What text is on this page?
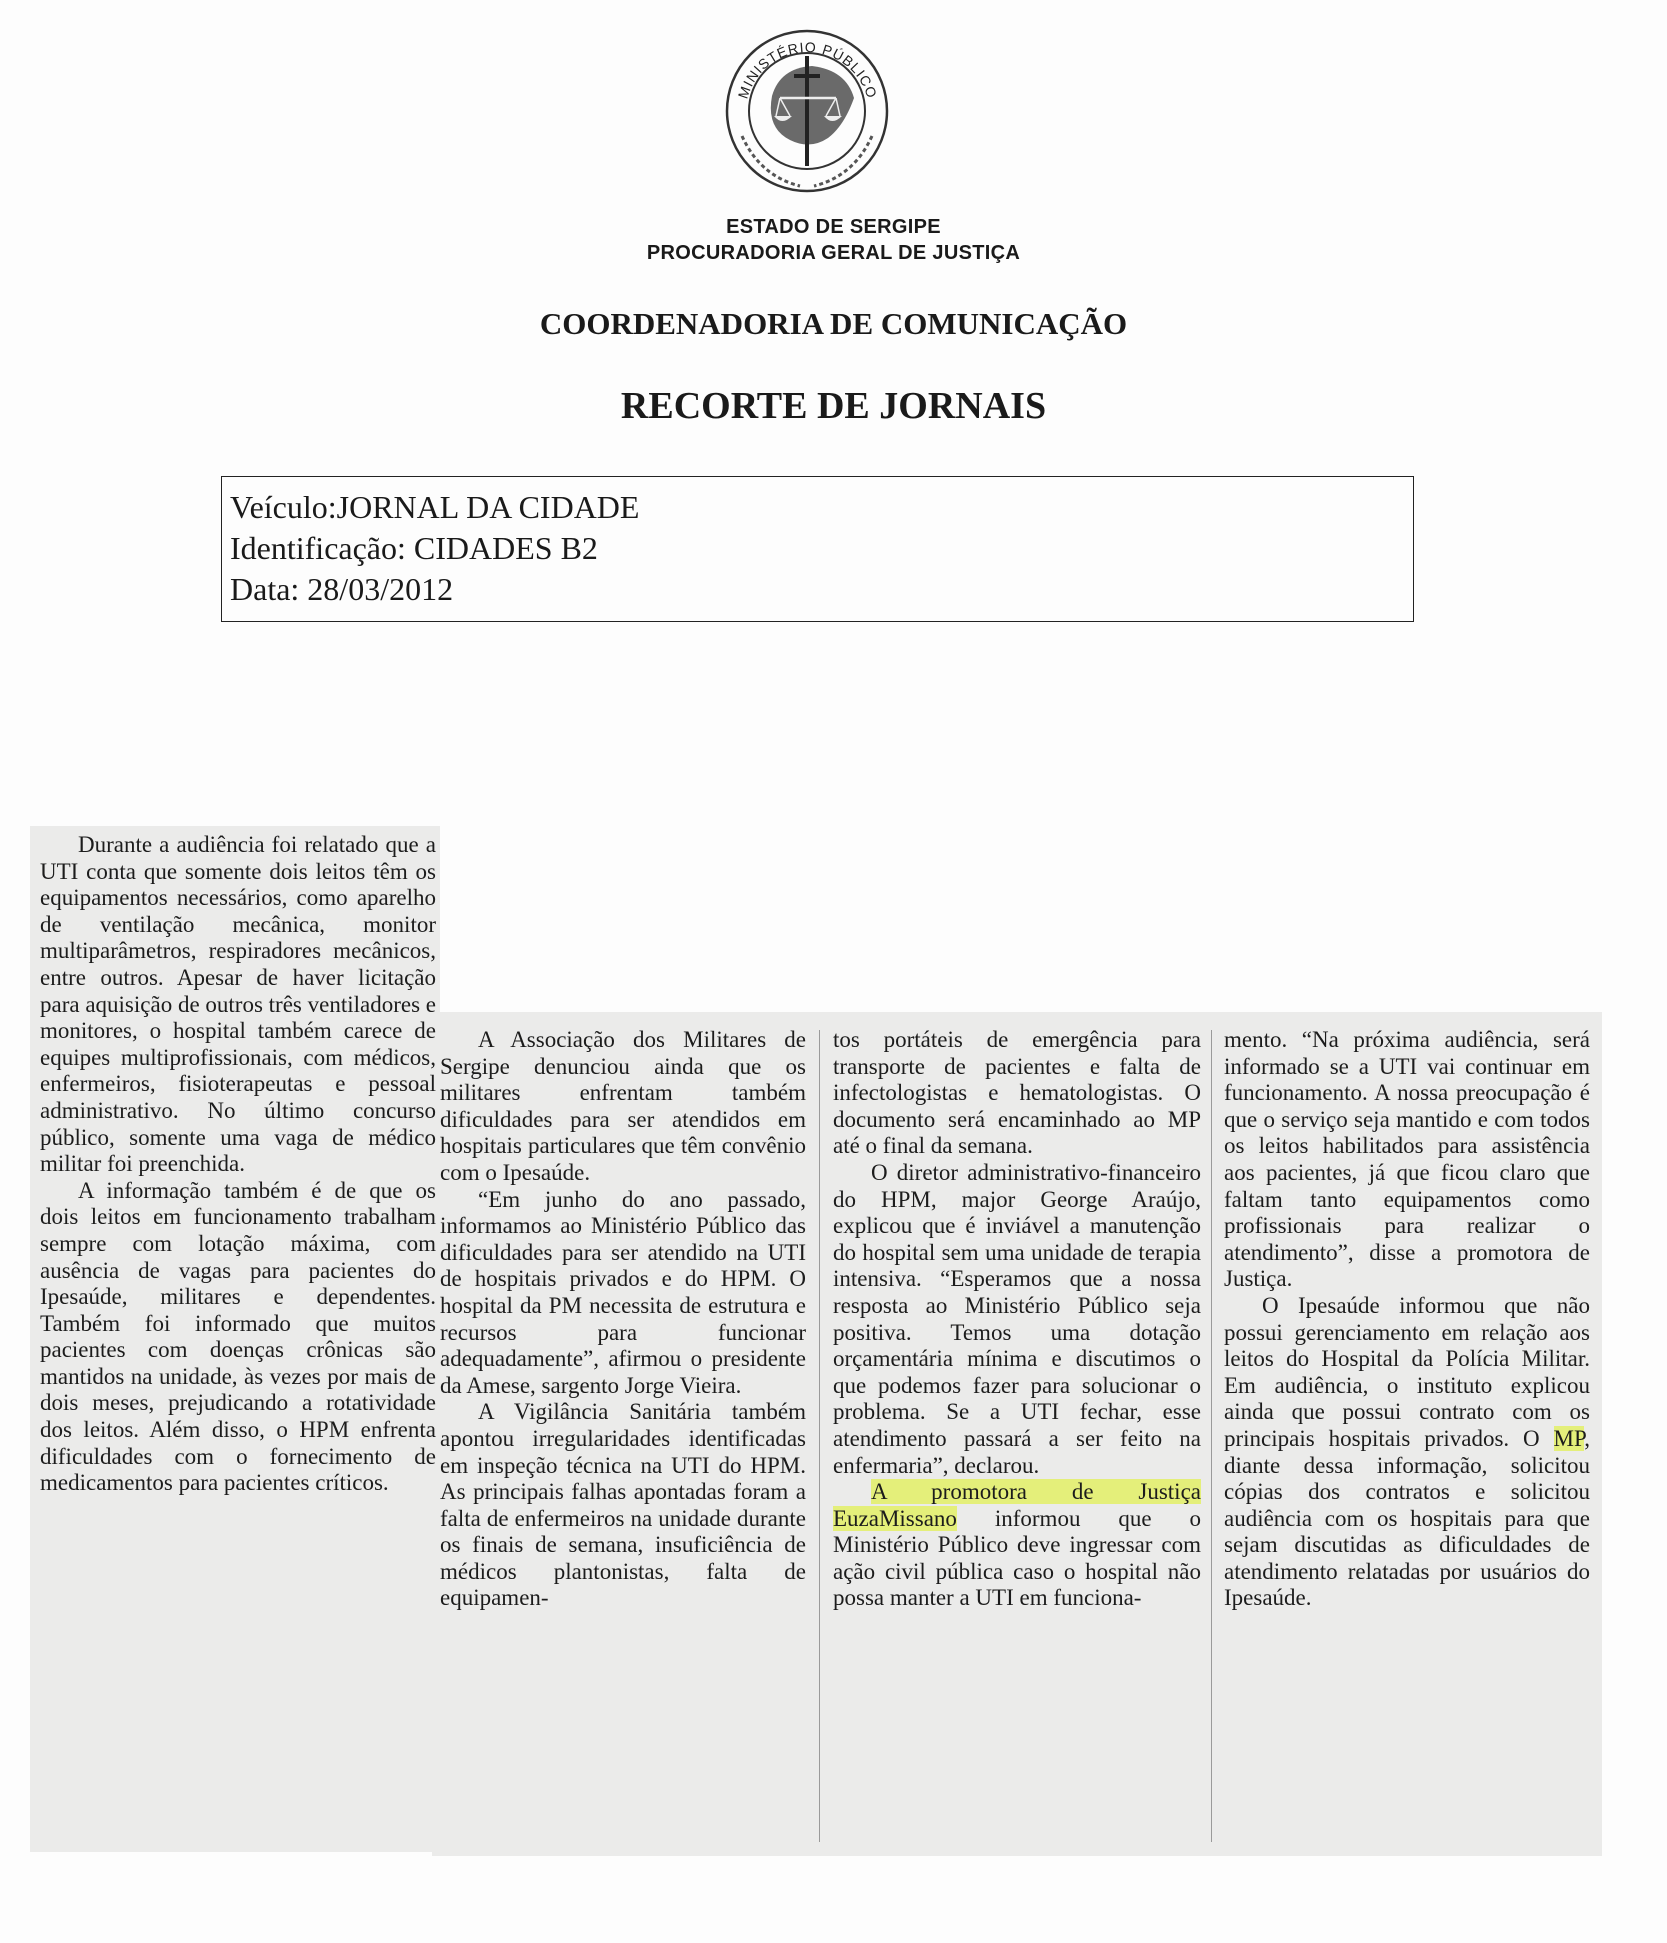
MINISTÉRIO PÚBLICO
ESTADO DE SERGIPE
PROCURADORIA GERAL DE JUSTIÇA
COORDENADORIA DE COMUNICAÇÃO
RECORTE DE JORNAIS
Veículo:JORNAL DA CIDADE
Identificação: CIDADES B2
Data: 28/03/2012

Durante a audiência foi relatado que a UTI conta que somente dois leitos têm os equipamentos necessários, como aparelho de ventilação mecânica, monitor multiparâmetros, respiradores mecânicos, entre outros. Apesar de haver licitação para aquisição de outros três ventiladores e monitores, o hospital também carece de equipes multiprofissionais, com médicos, enfermeiros, fisioterapeutas e pessoal administrativo. No último concurso público, somente uma vaga de médico militar foi preenchida.

A informação também é de que os dois leitos em funcionamento trabalham sempre com lotação máxima, com ausência de vagas para pacientes do Ipesaúde, militares e dependentes. Também foi informado que muitos pacientes com doenças crônicas são mantidos na unidade, às vezes por mais de dois meses, prejudicando a rotatividade dos leitos. Além disso, o HPM enfrenta dificuldades com o fornecimento de medicamentos para pacientes críticos.

A Associação dos Militares de Sergipe denunciou ainda que os militares enfrentam também dificuldades para ser atendidos em hospitais particulares que têm convênio com o Ipesaúde.

“Em junho do ano passado, informamos ao Ministério Público das dificuldades para ser atendido na UTI de hospitais privados e do HPM. O hospital da PM necessita de estrutura e recursos para funcionar adequadamente”, afirmou o presidente da Amese, sargento Jorge Vieira.

A Vigilância Sanitária também apontou irregularidades identificadas em inspeção técnica na UTI do HPM. As principais falhas apontadas foram a falta de enfermeiros na unidade durante os finais de semana, insuficiência de médicos plantonistas, falta de equipamen-

tos portáteis de emergência para transporte de pacientes e falta de infectologistas e hematologistas. O documento será encaminhado ao MP até o final da semana.

O diretor administrativo-financeiro do HPM, major George Araújo, explicou que é inviável a manutenção do hospital sem uma unidade de terapia intensiva. “Esperamos que a nossa resposta ao Ministério Público seja positiva. Temos uma dotação orçamentária mínima e discutimos o que podemos fazer para solucionar o problema. Se a UTI fechar, esse atendimento passará a ser feito na enfermaria”, declarou.

A promotora de Justiça EuzaMissano informou que o Ministério Público deve ingressar com ação civil pública caso o hospital não possa manter a UTI em funciona-

mento. “Na próxima audiência, será informado se a UTI vai continuar em funcionamento. A nossa preocupação é que o serviço seja mantido e com todos os leitos habilitados para assistência aos pacientes, já que ficou claro que faltam tanto equipamentos como profissionais para realizar o atendimento”, disse a promotora de Justiça.

O Ipesaúde informou que não possui gerenciamento em relação aos leitos do Hospital da Polícia Militar. Em audiência, o instituto explicou ainda que possui contrato com os principais hospitais privados. O MP, diante dessa informação, solicitou cópias dos contratos e solicitou audiência com os hospitais para que sejam discutidas as dificuldades de atendimento relatadas por usuários do Ipesaúde.
